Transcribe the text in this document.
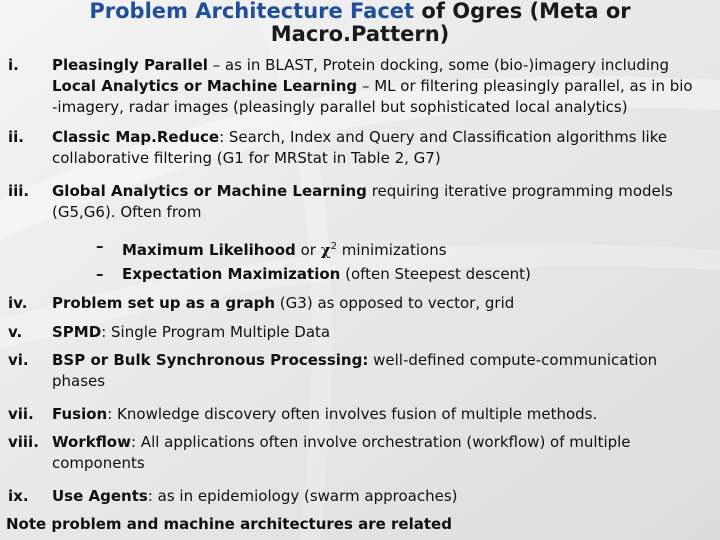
Problem Architecture Facet of Ogres (Meta or Macro.Pattern)
i. Pleasingly Parallel – as in BLAST, Protein docking, some (bio-)imagery including
Local Analytics or Machine Learning – ML or filtering pleasingly parallel, as in bio
-imagery, radar images (pleasingly parallel but sophisticated local analytics)
ii. Classic Map.Reduce: Search, Index and Query and Classification algorithms like
collaborative filtering (G1 for MRStat in Table 2, G7)
iii. Global Analytics or Machine Learning requiring iterative programming models
(G5,G6). Often from
– Maximum Likelihood or $\chi^2$ minimizations
– Expectation Maximization (often Steepest descent)
iv. Problem set up as a graph (G3) as opposed to vector, grid
v. SPMD: Single Program Multiple Data
vi. BSP or Bulk Synchronous Processing: well-defined compute-communication
phases
vii. Fusion: Knowledge discovery often involves fusion of multiple methods.
viii. Workflow: All applications often involve orchestration (workflow) of multiple
components
ix. Use Agents: as in epidemiology (swarm approaches)
Note problem and machine architectures are related
